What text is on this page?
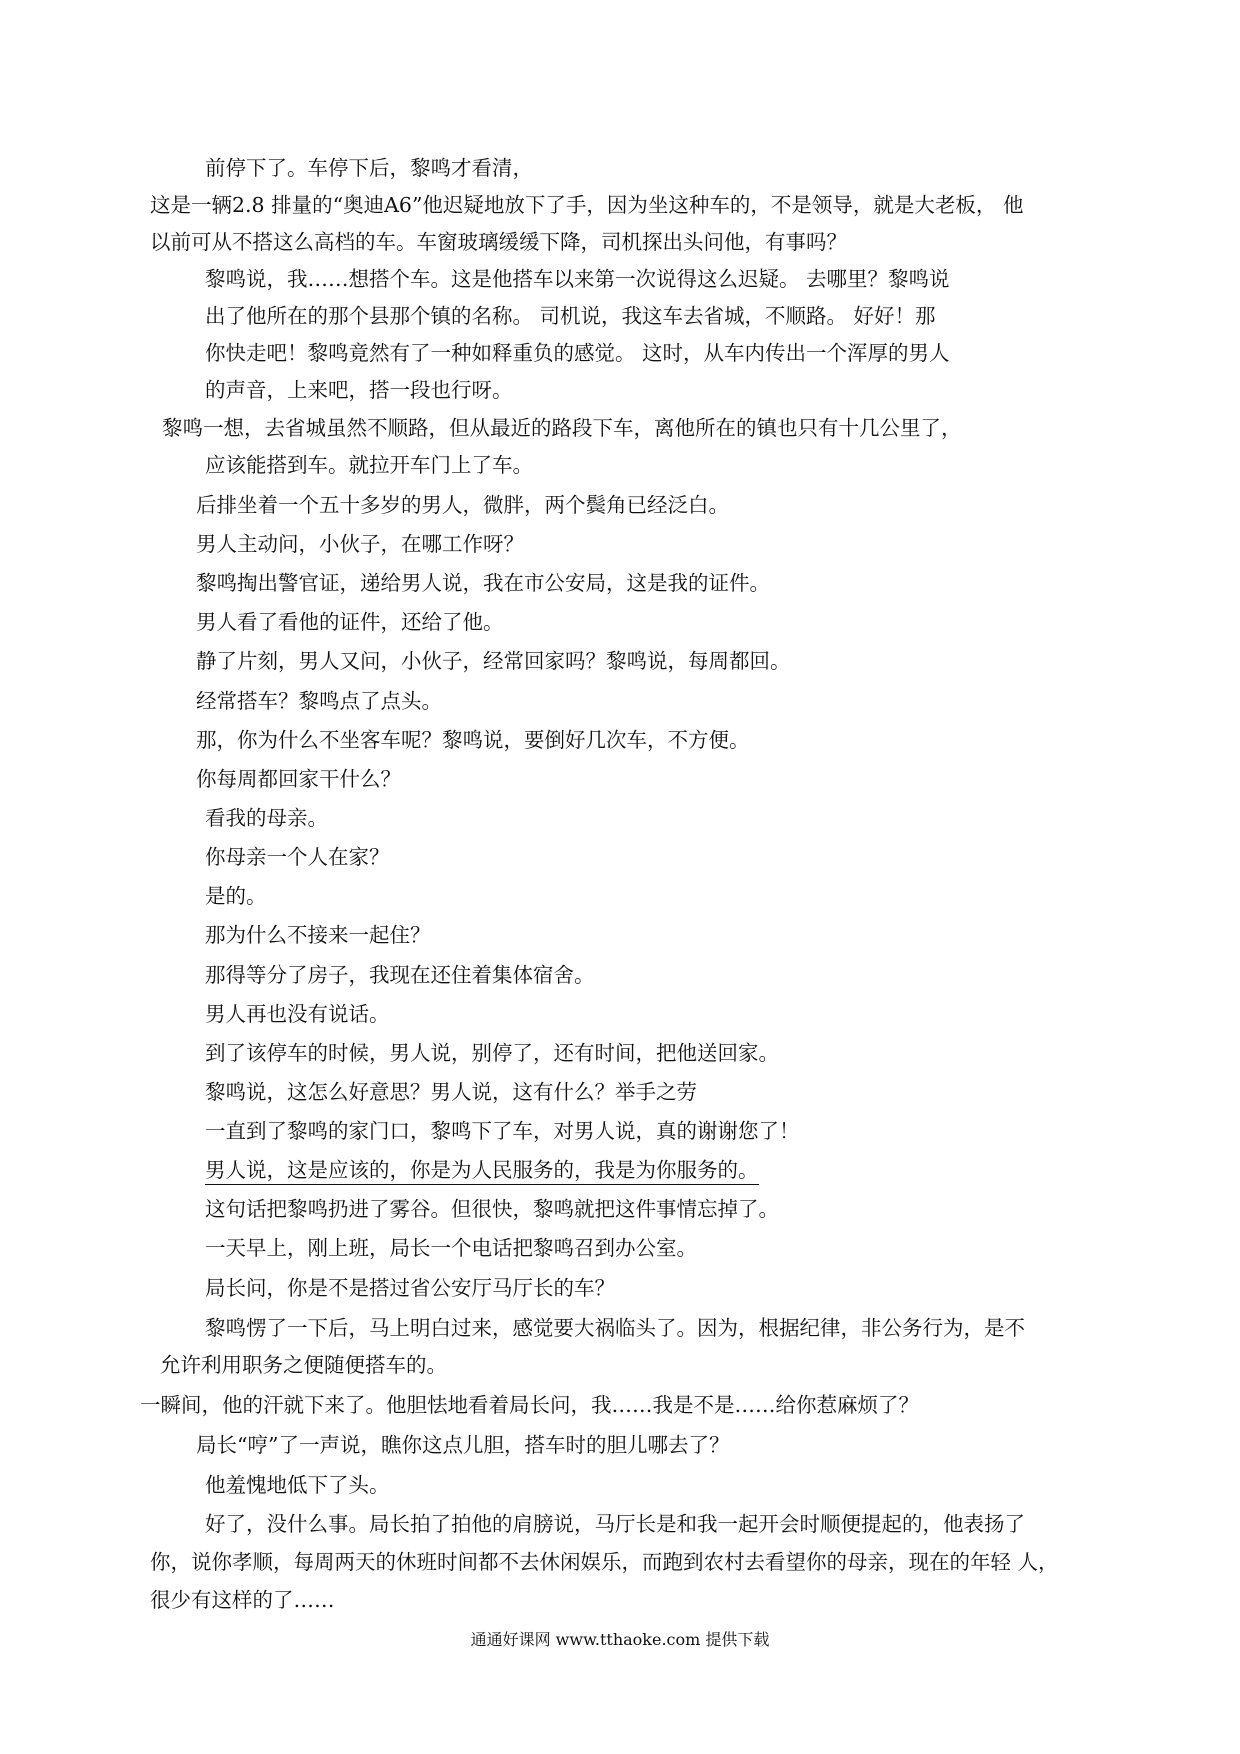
前停下了。车停下后，黎鸣才看清，
这是一辆2.8 排量的“奥迪A6”他迟疑地放下了手，因为坐这种车的，不是领导，就是大老板， 他
以前可从不搭这么高档的车。车窗玻璃缓缓下降，司机探出头问他，有事吗？
黎鸣说，我……想搭个车。这是他搭车以来第一次说得这么迟疑。 去哪里？黎鸣说
出了他所在的那个县那个镇的名称。 司机说，我这车去省城，不顺路。 好好！那
你快走吧！黎鸣竟然有了一种如释重负的感觉。 这时，从车内传出一个浑厚的男人
的声音，上来吧，搭一段也行呀。
黎鸣一想，去省城虽然不顺路，但从最近的路段下车，离他所在的镇也只有十几公里了，
应该能搭到车。就拉开车门上了车。
后排坐着一个五十多岁的男人，微胖，两个鬓角已经泛白。
男人主动问，小伙子，在哪工作呀？
黎鸣掏出警官证，递给男人说，我在市公安局，这是我的证件。
男人看了看他的证件，还给了他。
静了片刻，男人又问，小伙子，经常回家吗？黎鸣说，每周都回。
经常搭车？黎鸣点了点头。
那，你为什么不坐客车呢？黎鸣说，要倒好几次车，不方便。
你每周都回家干什么？
看我的母亲。
你母亲一个人在家？
是的。
那为什么不接来一起住？
那得等分了房子，我现在还住着集体宿舍。
男人再也没有说话。
到了该停车的时候，男人说，别停了，还有时间，把他送回家。
黎鸣说，这怎么好意思？男人说，这有什么？举手之劳
一直到了黎鸣的家门口，黎鸣下了车，对男人说，真的谢谢您了！
男人说，这是应该的，你是为人民服务的，我是为你服务的。
这句话把黎鸣扔进了雾谷。但很快，黎鸣就把这件事情忘掉了。
一天早上，刚上班，局长一个电话把黎鸣召到办公室。
局长问，你是不是搭过省公安厅马厅长的车？
黎鸣愣了一下后，马上明白过来，感觉要大祸临头了。因为，根据纪律，非公务行为，是不
允许利用职务之便随便搭车的。
一瞬间，他的汗就下来了。他胆怯地看着局长问，我……我是不是……给你惹麻烦了？
局长“哼”了一声说，瞧你这点儿胆，搭车时的胆儿哪去了？
他羞愧地低下了头。
好了，没什么事。局长拍了拍他的肩膀说，马厅长是和我一起开会时顺便提起的，他表扬了
你，说你孝顺，每周两天的休班时间都不去休闲娱乐，而跑到农村去看望你的母亲，现在的年轻 人，
很少有这样的了……
通通好课网 www.tthaoke.com 提供下载
